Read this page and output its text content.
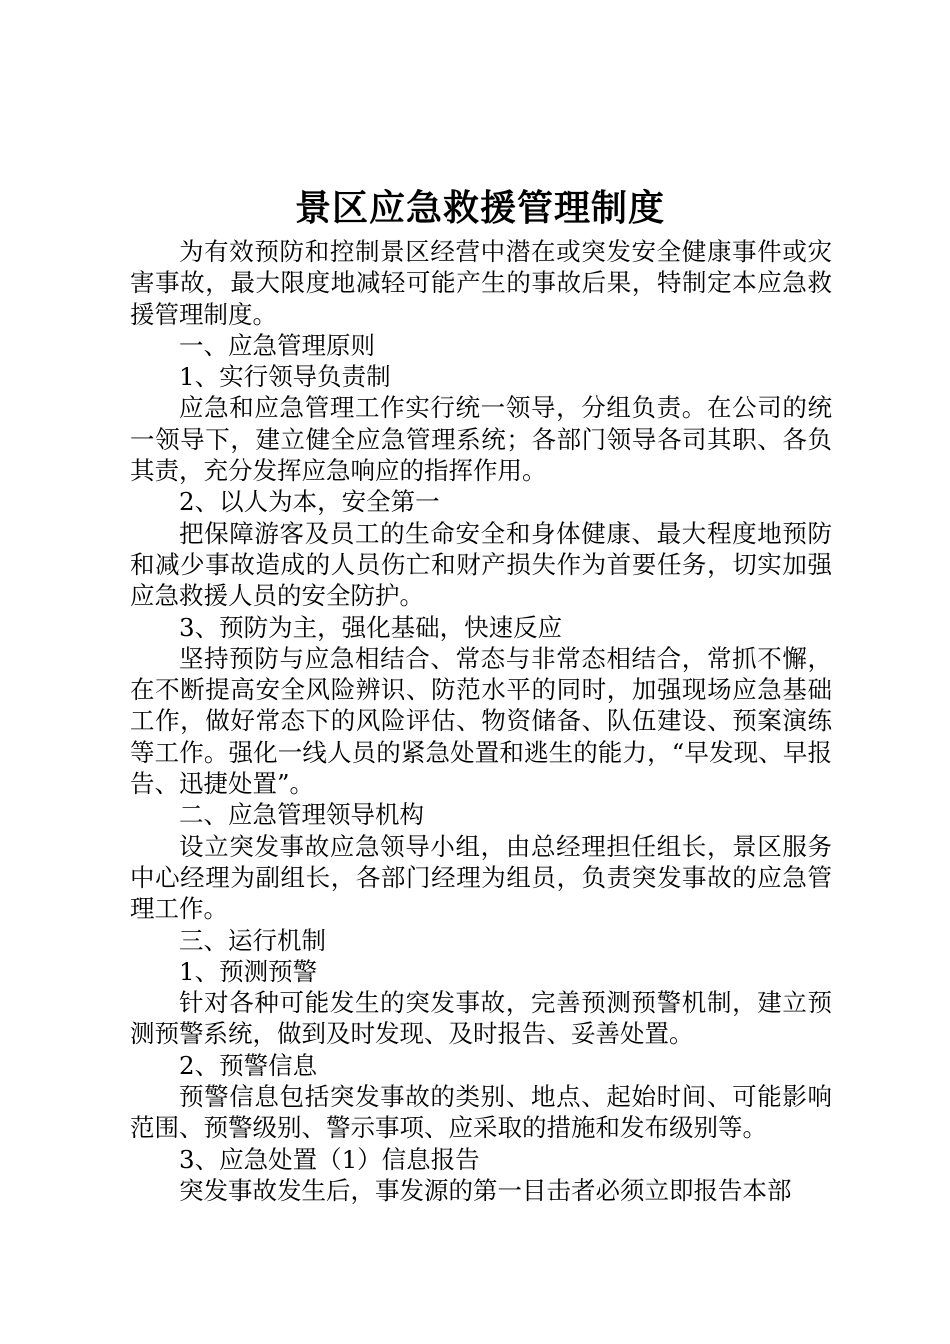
景区应急救援管理制度

为有效预防和控制景区经营中潜在或突发安全健康事件或灾害事故，最大限度地减轻可能产生的事故后果，特制定本应急救援管理制度。

一、应急管理原则

1、实行领导负责制

应急和应急管理工作实行统一领导，分组负责。在公司的统一领导下，建立健全应急管理系统；各部门领导各司其职、各负其责，充分发挥应急响应的指挥作用。

2、以人为本，安全第一

把保障游客及员工的生命安全和身体健康、最大程度地预防和减少事故造成的人员伤亡和财产损失作为首要任务，切实加强应急救援人员的安全防护。

3、预防为主，强化基础，快速反应

坚持预防与应急相结合、常态与非常态相结合，常抓不懈，在不断提高安全风险辨识、防范水平的同时，加强现场应急基础工作，做好常态下的风险评估、物资储备、队伍建设、预案演练等工作。强化一线人员的紧急处置和逃生的能力，“早发现、早报告、迅捷处置”。

二、应急管理领导机构

设立突发事故应急领导小组，由总经理担任组长，景区服务中心经理为副组长，各部门经理为组员，负责突发事故的应急管理工作。

三、运行机制

1、预测预警

针对各种可能发生的突发事故，完善预测预警机制，建立预测预警系统，做到及时发现、及时报告、妥善处置。

2、预警信息

预警信息包括突发事故的类别、地点、起始时间、可能影响范围、预警级别、警示事项、应采取的措施和发布级别等。

3、应急处置（1）信息报告

突发事故发生后，事发源的第一目击者必须立即报告本部
